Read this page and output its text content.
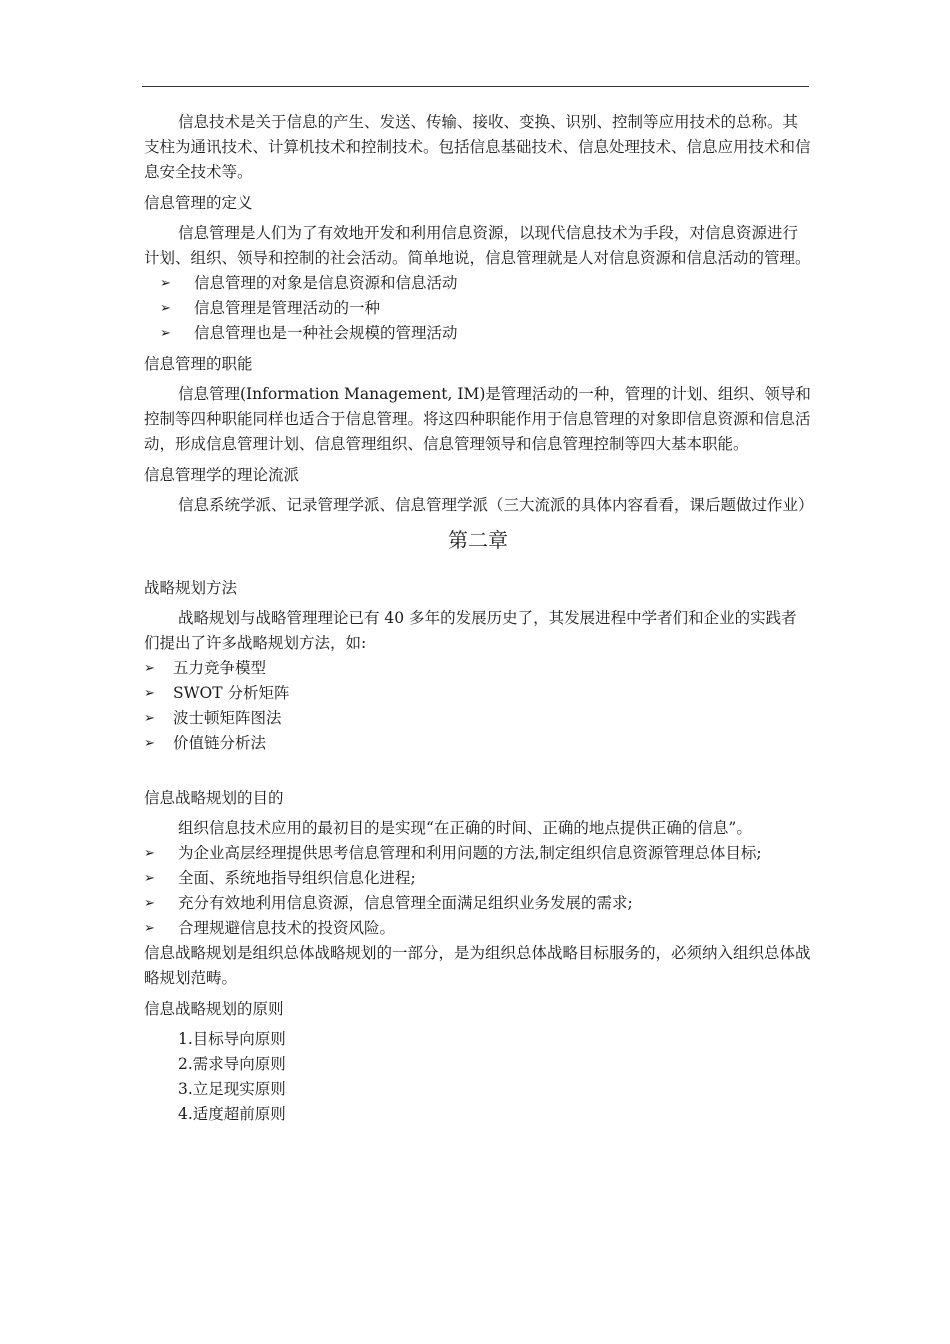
信息技术是关于信息的产生、发送、传输、接收、变换、识别、控制等应用技术的总称。其支柱为通讯技术、计算机技术和控制技术。包括信息基础技术、信息处理技术、信息应用技术和信息安全技术等。

信息管理的定义

信息管理是人们为了有效地开发和利用信息资源，以现代信息技术为手段，对信息资源进行计划、组织、领导和控制的社会活动。简单地说，信息管理就是人对信息资源和信息活动的管理。

➢	信息管理的对象是信息资源和信息活动
➢	信息管理是管理活动的一种
➢	信息管理也是一种社会规模的管理活动

信息管理的职能

信息管理(Information Management, IM)是管理活动的一种，管理的计划、组织、领导和控制等四种职能同样也适合于信息管理。将这四种职能作用于信息管理的对象即信息资源和信息活动，形成信息管理计划、信息管理组织、信息管理领导和信息管理控制等四大基本职能。

信息管理学的理论流派

信息系统学派、记录管理学派、信息管理学派（三大流派的具体内容看看，课后题做过作业）

第二章

战略规划方法

战略规划与战略管理理论已有 40 多年的发展历史了，其发展进程中学者们和企业的实践者们提出了许多战略规划方法，如:

➢	五力竞争模型
➢	SWOT 分析矩阵
➢	波士顿矩阵图法
➢	价值链分析法

信息战略规划的目的

组织信息技术应用的最初目的是实现“在正确的时间、正确的地点提供正确的信息”。

➢	为企业高层经理提供思考信息管理和利用问题的方法,制定组织信息资源管理总体目标;
➢	全面、系统地指导组织信息化进程;
➢	充分有效地利用信息资源，信息管理全面满足组织业务发展的需求;
➢	合理规避信息技术的投资风险。

信息战略规划是组织总体战略规划的一部分，是为组织总体战略目标服务的，必须纳入组织总体战略规划范畴。

信息战略规划的原则

1.目标导向原则

2.需求导向原则

3.立足现实原则

4.适度超前原则
